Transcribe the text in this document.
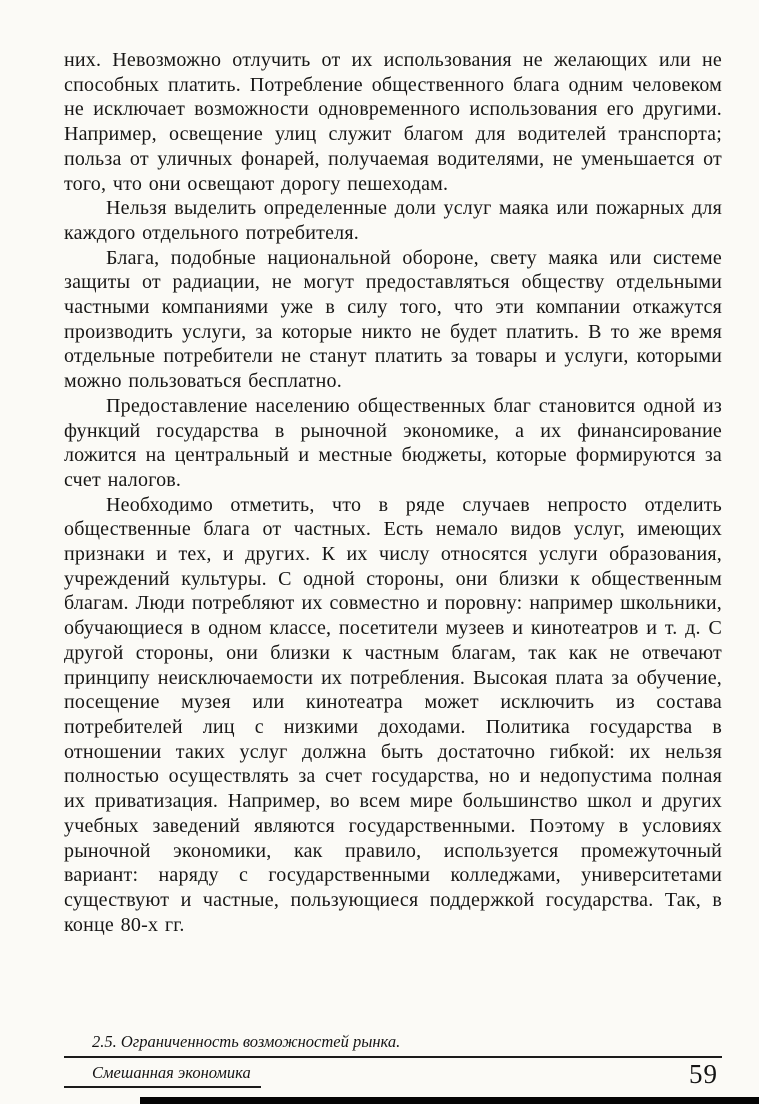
них. Невозможно отлучить от их использования не желающих или не способных платить. Потребление общественного блага одним человеком не исключает возможности одновременного использования его другими. Например, освещение улиц служит благом для водителей транспорта; польза от уличных фонарей, получаемая водителями, не уменьшается от того, что они освещают дорогу пешеходам.

Нельзя выделить определенные доли услуг маяка или пожарных для каждого отдельного потребителя.

Блага, подобные национальной обороне, свету маяка или системе защиты от радиации, не могут предоставляться обществу отдельными частными компаниями уже в силу того, что эти компании откажутся производить услуги, за которые никто не будет платить. В то же время отдельные потребители не станут платить за товары и услуги, которыми можно пользоваться бесплатно.

Предоставление населению общественных благ становится одной из функций государства в рыночной экономике, а их финансирование ложится на центральный и местные бюджеты, которые формируются за счет налогов.

Необходимо отметить, что в ряде случаев непросто отделить общественные блага от частных. Есть немало видов услуг, имеющих признаки и тех, и других. К их числу относятся услуги образования, учреждений культуры. С одной стороны, они близки к общественным благам. Люди потребляют их совместно и поровну: например школьники, обучающиеся в одном классе, посетители музеев и кинотеатров и т. д. С другой стороны, они близки к частным благам, так как не отвечают принципу неисключаемости их потребления. Высокая плата за обучение, посещение музея или кинотеатра может исключить из состава потребителей лиц с низкими доходами. Политика государства в отношении таких услуг должна быть достаточно гибкой: их нельзя полностью осуществлять за счет государства, но и недопустима полная их приватизация. Например, во всем мире большинство школ и других учебных заведений являются государственными. Поэтому в условиях рыночной экономики, как правило, используется промежуточный вариант: наряду с государственными колледжами, университетами существуют и частные, пользующиеся поддержкой государства. Так, в конце 80-х гг.

2.5. Ограниченность возможностей рынка.
Смешанная экономика	59
